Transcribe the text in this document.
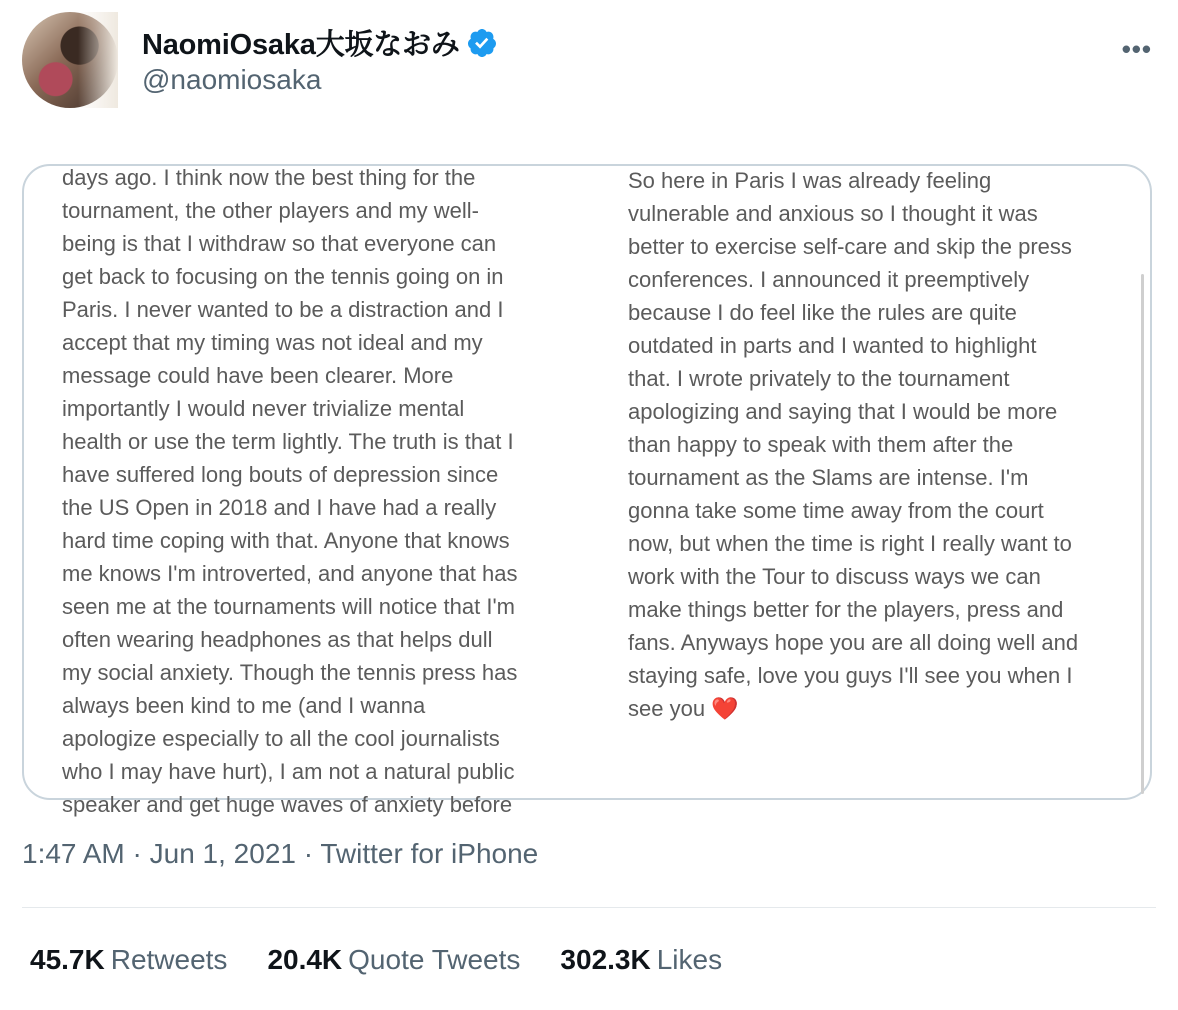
NaomiOsaka大坂なおみ
@naomiosaka
•••

days ago. I think now the best thing for the
tournament, the other players and my well-
being is that I withdraw so that everyone can
get back to focusing on the tennis going on in
Paris. I never wanted to be a distraction and I
accept that my timing was not ideal and my
message could have been clearer. More
importantly I would never trivialize mental
health or use the term lightly. The truth is that I
have suffered long bouts of depression since
the US Open in 2018 and I have had a really
hard time coping with that. Anyone that knows
me knows I'm introverted, and anyone that has
seen me at the tournaments will notice that I'm
often wearing headphones as that helps dull
my social anxiety. Though the tennis press has
always been kind to me (and I wanna
apologize especially to all the cool journalists
who I may have hurt), I am not a natural public
speaker and get huge waves of anxiety before

So here in Paris I was already feeling
vulnerable and anxious so I thought it was
better to exercise self-care and skip the press
conferences. I announced it preemptively
because I do feel like the rules are quite
outdated in parts and I wanted to highlight
that. I wrote privately to the tournament
apologizing and saying that I would be more
than happy to speak with them after the
tournament as the Slams are intense. I'm
gonna take some time away from the court
now, but when the time is right I really want to
work with the Tour to discuss ways we can
make things better for the players, press and
fans. Anyways hope you are all doing well and
staying safe, love you guys I'll see you when I
see you ❤️

1:47 AM · Jun 1, 2021 · Twitter for iPhone
45.7K Retweets 20.4K Quote Tweets 302.3K Likes
